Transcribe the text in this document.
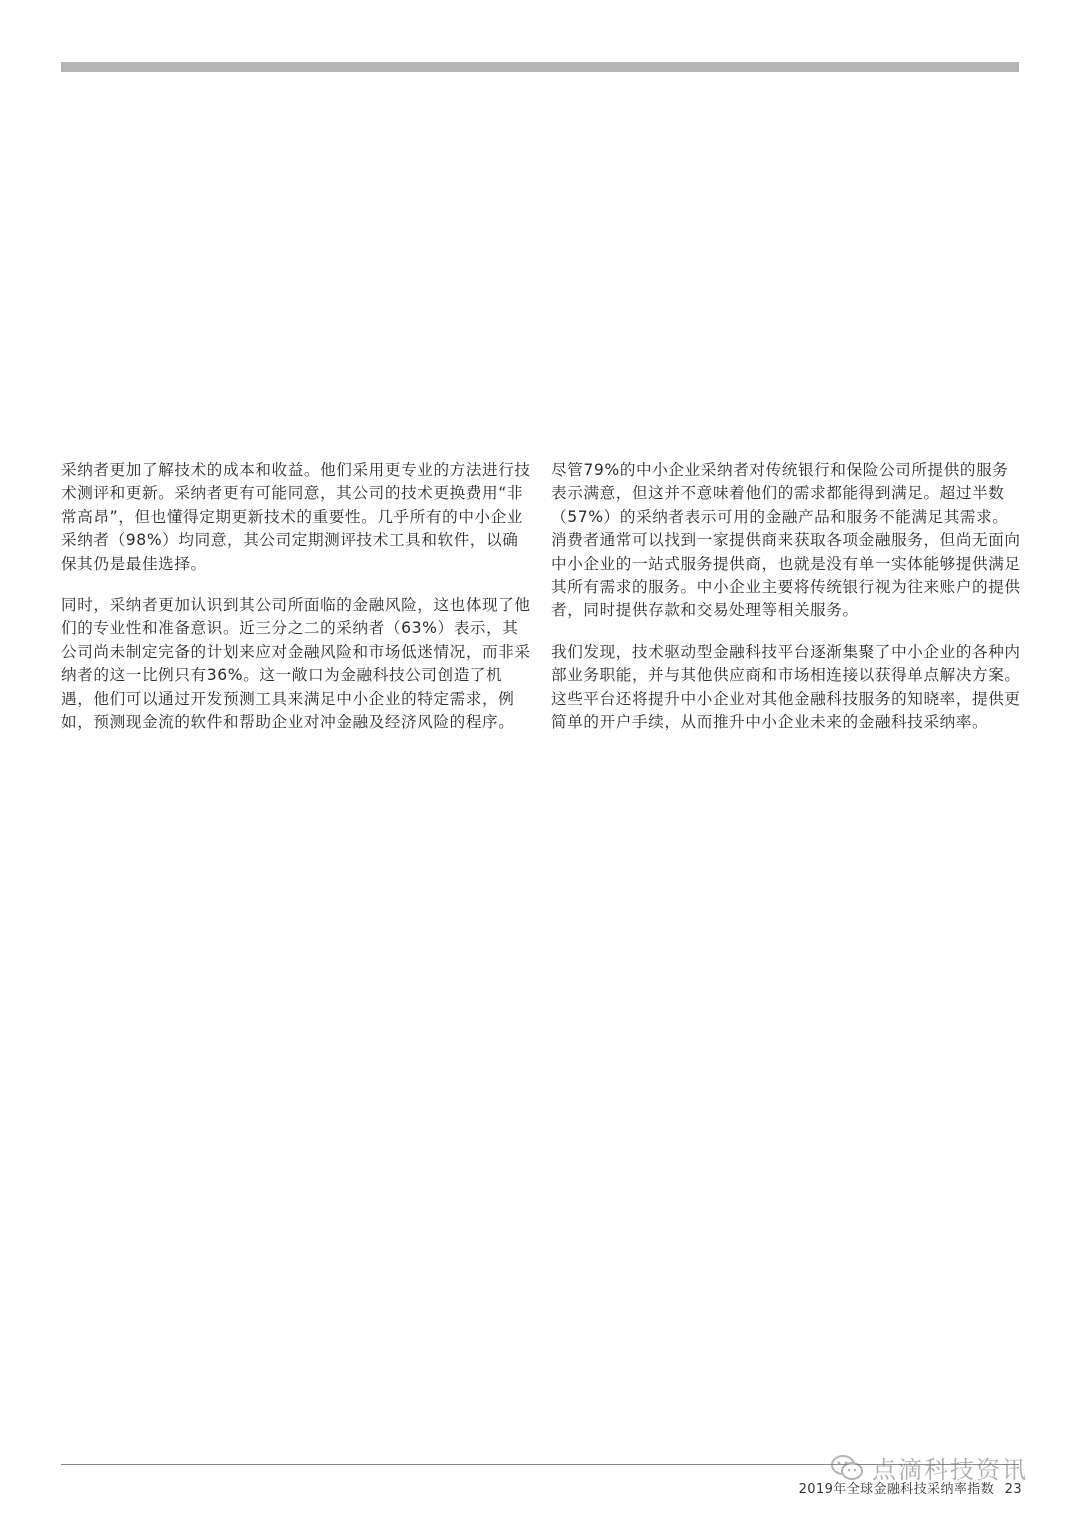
采纳者更加了解技术的成本和收益。他们采用更专业的方法进行技术测评和更新。采纳者更有可能同意，其公司的技术更换费用“非常高昂”，但也懂得定期更新技术的重要性。几乎所有的中小企业采纳者（98%）均同意，其公司定期测评技术工具和软件，以确保其仍是最佳选择。

同时，采纳者更加认识到其公司所面临的金融风险，这也体现了他们的专业性和准备意识。近三分之二的采纳者（63%）表示，其公司尚未制定完备的计划来应对金融风险和市场低迷情况，而非采纳者的这一比例只有36%。这一敞口为金融科技公司创造了机遇，他们可以通过开发预测工具来满足中小企业的特定需求，例如，预测现金流的软件和帮助企业对冲金融及经济风险的程序。

尽管79%的中小企业采纳者对传统银行和保险公司所提供的服务表示满意，但这并不意味着他们的需求都能得到满足。超过半数（57%）的采纳者表示可用的金融产品和服务不能满足其需求。消费者通常可以找到一家提供商来获取各项金融服务，但尚无面向中小企业的一站式服务提供商，也就是没有单一实体能够提供满足其所有需求的服务。中小企业主要将传统银行视为往来账户的提供者，同时提供存款和交易处理等相关服务。

我们发现，技术驱动型金融科技平台逐渐集聚了中小企业的各种内部业务职能，并与其他供应商和市场相连接以获得单点解决方案。这些平台还将提升中小企业对其他金融科技服务的知晓率，提供更简单的开户手续，从而推升中小企业未来的金融科技采纳率。

点滴科技资讯
2019年全球金融科技采纳率指数 23
